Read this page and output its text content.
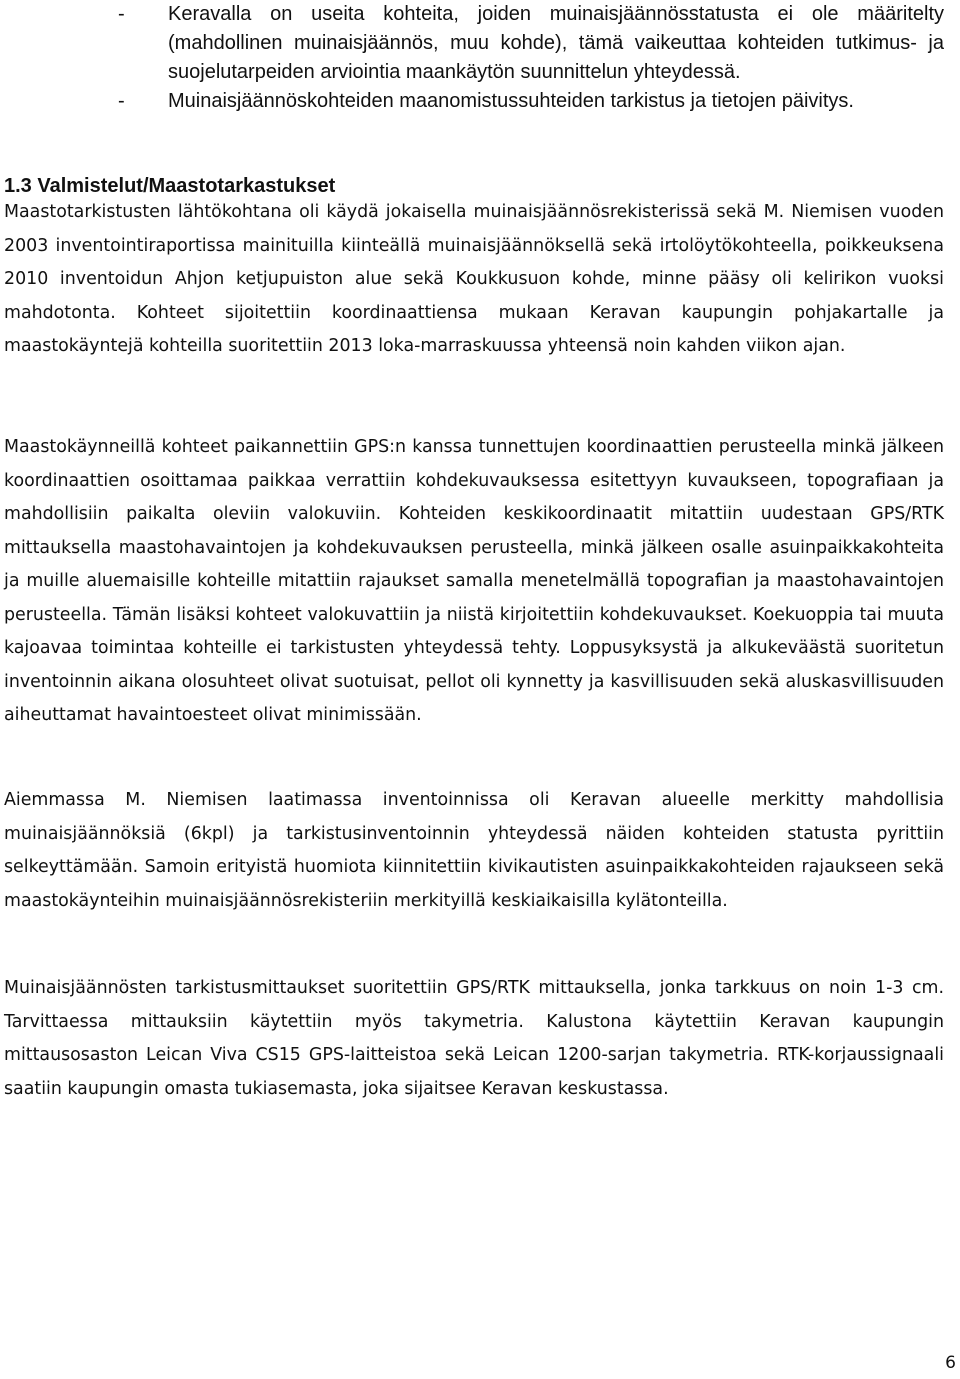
- Keravalla on useita kohteita, joiden muinaisjäännösstatusta ei ole määritelty (mahdollinen muinaisjäännös, muu kohde), tämä vaikeuttaa kohteiden tutkimus- ja suojelutarpeiden arviointia maankäytön suunnittelun yhteydessä.
- Muinaisjäännöskohteiden maanomistussuhteiden tarkistus ja tietojen päivitys.
1.3 Valmistelut/Maastotarkastukset

Maastotarkistusten lähtökohtana oli käydä jokaisella muinaisjäännösrekisterissä sekä M. Niemisen vuoden 2003 inventointiraportissa mainituilla kiinteällä muinaisjäännöksellä sekä irtolöytökohteella, poikkeuksena 2010 inventoidun Ahjon ketjupuiston alue sekä Koukkusuon kohde, minne pääsy oli kelirikon vuoksi mahdotonta. Kohteet sijoitettiin koordinaattiensa mukaan Keravan kaupungin pohjakartalle ja maastokäyntejä kohteilla suoritettiin 2013 loka-marraskuussa yhteensä noin kahden viikon ajan.

Maastokäynneillä kohteet paikannettiin GPS:n kanssa tunnettujen koordinaattien perusteella minkä jälkeen koordinaattien osoittamaa paikkaa verrattiin kohdekuvauksessa esitettyyn kuvaukseen, topografiaan ja mahdollisiin paikalta oleviin valokuviin. Kohteiden keskikoordinaatit mitattiin uudestaan GPS/RTK mittauksella maastohavaintojen ja kohdekuvauksen perusteella, minkä jälkeen osalle asuinpaikkakohteita ja muille aluemaisille kohteille mitattiin rajaukset samalla menetelmällä topografian ja maastohavaintojen perusteella. Tämän lisäksi kohteet valokuvattiin ja niistä kirjoitettiin kohdekuvaukset. Koekuoppia tai muuta kajoavaa toimintaa kohteille ei tarkistusten yhteydessä tehty. Loppusyksystä ja alkukeväästä suoritetun inventoinnin aikana olosuhteet olivat suotuisat, pellot oli kynnetty ja kasvillisuuden sekä aluskasvillisuuden aiheuttamat havaintoesteet olivat minimissään.

Aiemmassa M. Niemisen laatimassa inventoinnissa oli Keravan alueelle merkitty mahdollisia muinaisjäännöksiä (6kpl) ja tarkistusinventoinnin yhteydessä näiden kohteiden statusta pyrittiin selkeyttämään. Samoin erityistä huomiota kiinnitettiin kivikautisten asuinpaikkakohteiden rajaukseen sekä maastokäynteihin muinaisjäännösrekisteriin merkityillä keskiaikaisilla kylätonteilla.

Muinaisjäännösten tarkistusmittaukset suoritettiin GPS/RTK mittauksella, jonka tarkkuus on noin 1-3 cm. Tarvittaessa mittauksiin käytettiin myös takymetria. Kalustona käytettiin Keravan kaupungin mittausosaston Leican Viva CS15 GPS-laitteistoa sekä Leican 1200-sarjan takymetria. RTK-korjaussignaali saatiin kaupungin omasta tukiasemasta, joka sijaitsee Keravan keskustassa.

6
